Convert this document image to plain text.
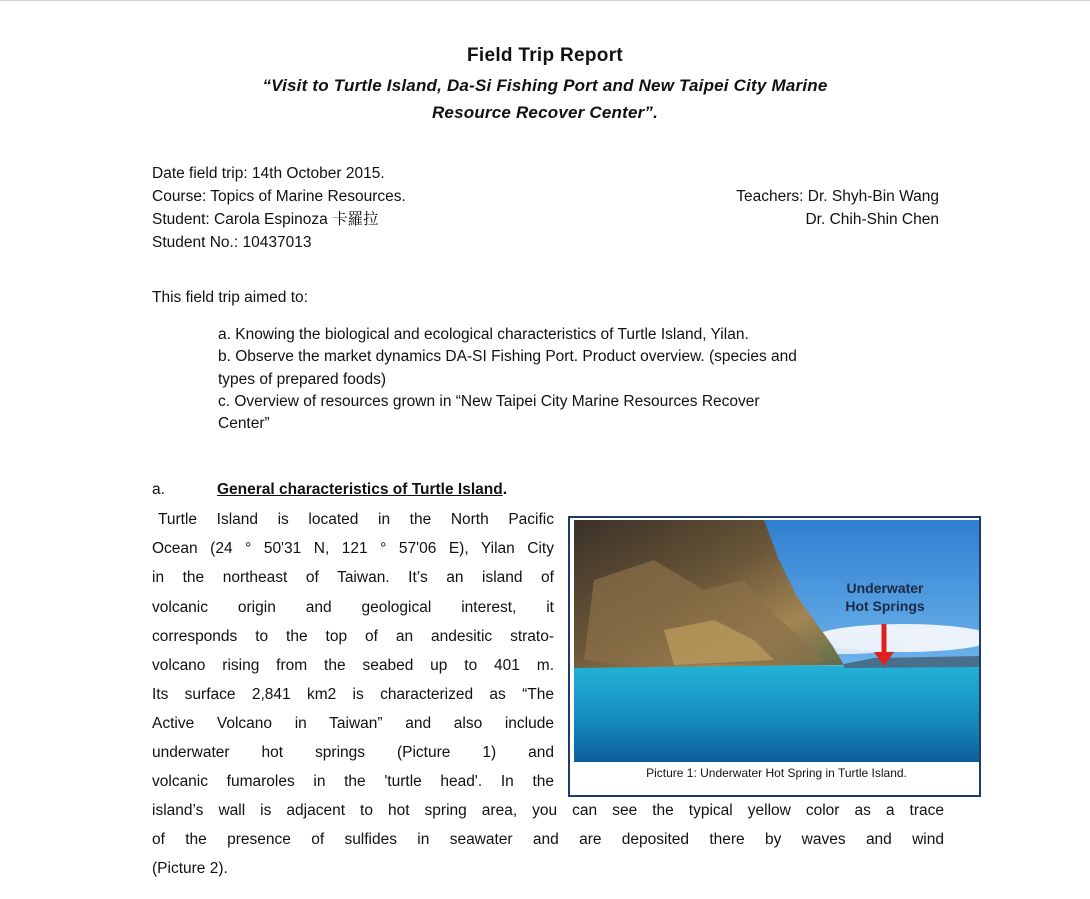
Field Trip Report
“Visit to Turtle Island, Da-Si Fishing Port and New Taipei City Marine
Resource Recover Center”.
Date field trip: 14th October 2015.
Course: Topics of Marine Resources.
Student: Carola Espinoza 卡羅拉
Student No.: 10437013
Teachers: Dr. Shyh-Bin Wang
Dr. Chih-Shin Chen
This field trip aimed to:
a. Knowing the biological and ecological characteristics of Turtle Island, Yilan.
b. Observe the market dynamics DA-SI Fishing Port. Product overview. (species and
types of prepared foods)
c. Overview of resources grown in “New Taipei City Marine Resources Recover
Center”
a.	General characteristics of Turtle Island.
Turtle Island is located in the North Pacific
Ocean (24 ° 50'31 N, 121 ° 57'06 E), Yilan City
in the northeast of Taiwan. It’s an island of
volcanic origin and geological interest, it
corresponds to the top of an andesitic strato-
volcano rising from the seabed up to 401 m.
Its surface 2,841 km2 is characterized as “The
Active Volcano in Taiwan” and also include
underwater hot springs (Picture 1) and
volcanic fumaroles in the 'turtle head'. In the
island’s wall is adjacent to hot spring area, you can see the typical yellow color as a trace
of the presence of sulfides in seawater and are deposited there by waves and wind
(Picture 2).
Underwater
Hot Springs
Picture 1: Underwater Hot Spring in Turtle Island.
